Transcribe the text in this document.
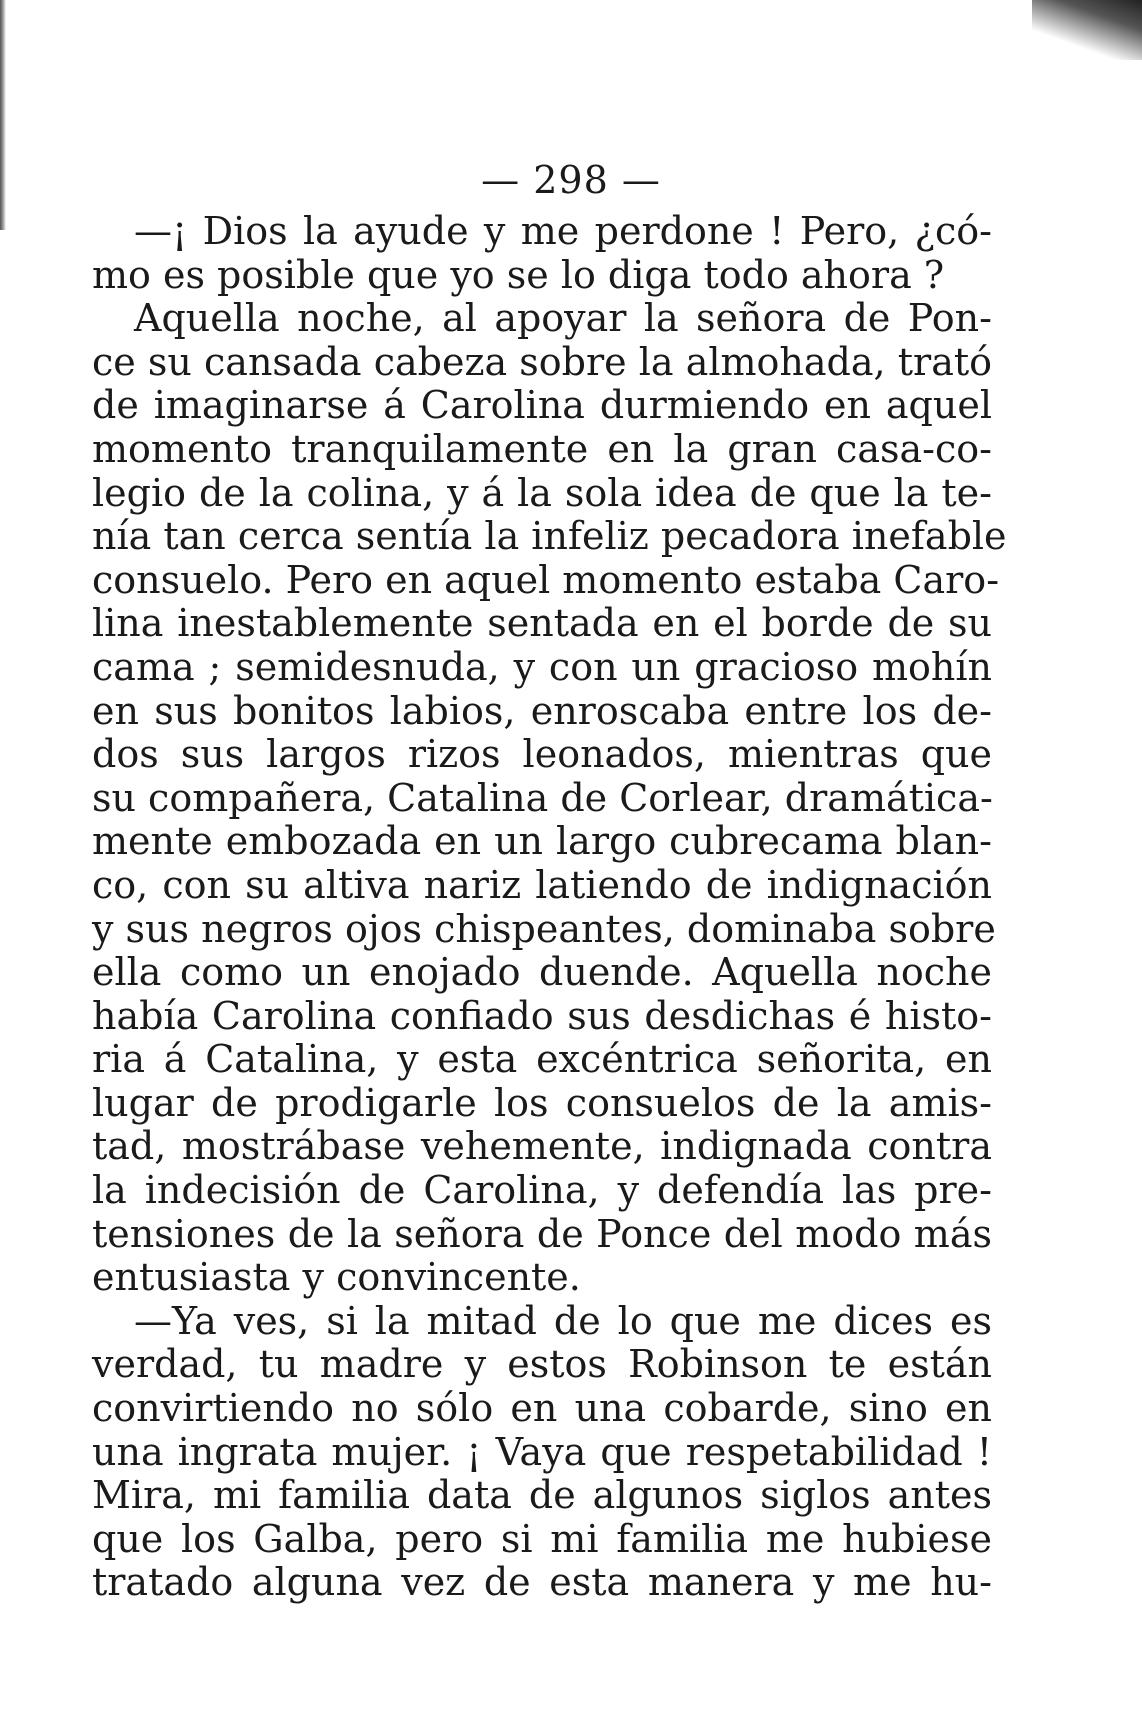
— 298 —
—¡ Dios la ayude y me perdone ! Pero, ¿có-
mo es posible que yo se lo diga todo ahora ?
Aquella noche, al apoyar la señora de Pon-
ce su cansada cabeza sobre la almohada, trató
de imaginarse á Carolina durmiendo en aquel
momento tranquilamente en la gran casa-co-
legio de la colina, y á la sola idea de que la te-
nía tan cerca sentía la infeliz pecadora inefable
consuelo. Pero en aquel momento estaba Caro-
lina inestablemente sentada en el borde de su
cama ; semidesnuda, y con un gracioso mohín
en sus bonitos labios, enroscaba entre los de-
dos sus largos rizos leonados, mientras que
su compañera, Catalina de Corlear, dramática-
mente embozada en un largo cubrecama blan-
co, con su altiva nariz latiendo de indignación
y sus negros ojos chispeantes, dominaba sobre
ella como un enojado duende. Aquella noche
había Carolina confiado sus desdichas é histo-
ria á Catalina, y esta excéntrica señorita, en
lugar de prodigarle los consuelos de la amis-
tad, mostrábase vehemente, indignada contra
la indecisión de Carolina, y defendía las pre-
tensiones de la señora de Ponce del modo más
entusiasta y convincente.
—Ya ves, si la mitad de lo que me dices es
verdad, tu madre y estos Robinson te están
convirtiendo no sólo en una cobarde, sino en
una ingrata mujer. ¡ Vaya que respetabilidad !
Mira, mi familia data de algunos siglos antes
que los Galba, pero si mi familia me hubiese
tratado alguna vez de esta manera y me hu-
